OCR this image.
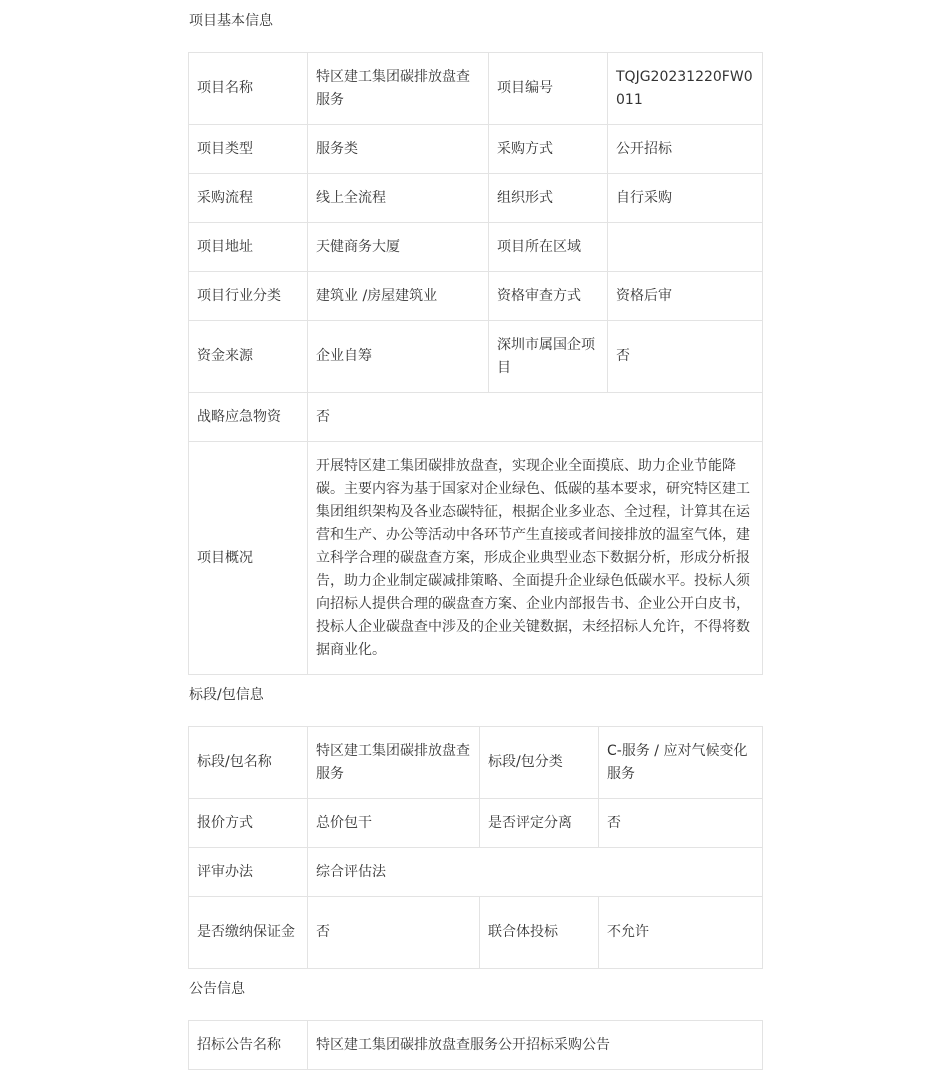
项目基本信息
项目名称	特区建工集团碳排放盘查服务	项目编号	TQJG20231220FW0011
项目类型	服务类	采购方式	公开招标
采购流程	线上全流程	组织形式	自行采购
项目地址	天健商务大厦	项目所在区域	
项目行业分类	建筑业 /房屋建筑业	资格审查方式	资格后审
资金来源	企业自筹	深圳市属国企项目	否
战略应急物资	否		
项目概况	开展特区建工集团碳排放盘查，实现企业全面摸底、助力企业节能降碳。主要内容为基于国家对企业绿色、低碳的基本要求，研究特区建工集团组织架构及各业态碳特征，根据企业多业态、全过程，计算其在运营和生产、办公等活动中各环节产生直接或者间接排放的温室气体，建立科学合理的碳盘查方案，形成企业典型业态下数据分析，形成分析报告，助力企业制定碳减排策略、全面提升企业绿色低碳水平。投标人须向招标人提供合理的碳盘查方案、企业内部报告书、企业公开白皮书，投标人企业碳盘查中涉及的企业关键数据，未经招标人允许，不得将数据商业化。		
标段/包信息
标段/包名称	特区建工集团碳排放盘查服务	标段/包分类	C-服务 / 应对气候变化服务
报价方式	总价包干	是否评定分离	否
评审办法	综合评估法		
是否缴纳保证金	否	联合体投标	不允许
公告信息
招标公告名称	特区建工集团碳排放盘查服务公开招标采购公告
